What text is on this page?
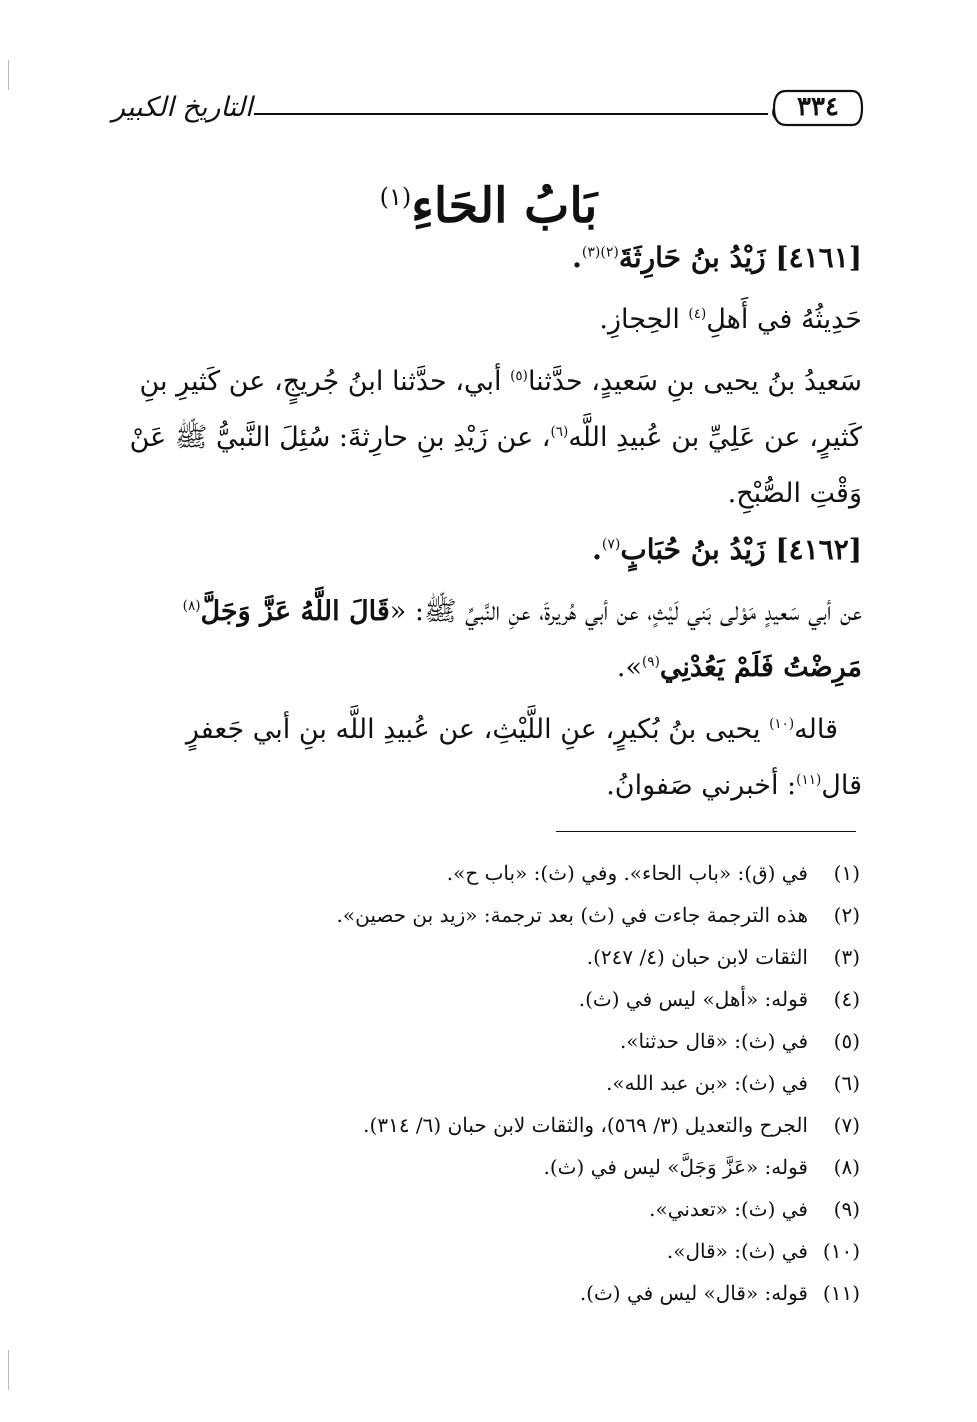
٣٣٤
التاريخ الكبير
بَابُ الحَاءِ$^{(١)}$
[٤١٦١] زَيْدُ بنُ حَارِثَةَ$^{(٢)(٣)}$.

حَدِيثُهُ في أَهلِ$^{(٤)}$ الحِجازِ.

سَعيدُ بنُ يحيى بنِ سَعيدٍ، حدَّثنا$^{(٥)}$ أبي، حدَّثنا ابنُ جُريجٍ، عن كَثيرِ بنِ كَثيرٍ، عن عَلِيِّ بن عُبيدِ اللَّه$^{(٦)}$، عن زَيْدِ بنِ حارِثةَ: سُئِلَ النَّبيُّ ﷺ عَنْ وَقْتِ الصُّبْحِ.

[٤١٦٢] زَيْدُ بنُ حُبَابٍ$^{(٧)}$.

عن أبي سَعيدٍ مَوْلى بَني لَيْثٍ، عن أبي هُريرةَ، عنِ النَّبيِّ ﷺ: «قَالَ اللَّهُ عَزَّ وَجَلَّ$^{(٨)}$ مَرِضْتُ فَلَمْ يَعُدْنِي$^{(٩)}$».

قاله$^{(١٠)}$ يحيى بنُ بُكيرٍ، عنِ اللَّيْثِ، عن عُبيدِ اللَّه بنِ أبي جَعفرٍ قال$^{(١١)}$: أخبرني صَفوانُ.

(١)في (ق): «باب الحاء». وفي (ث): «باب ح».
(٢)هذه الترجمة جاءت في (ث) بعد ترجمة: «زيد بن حصين».
(٣)الثقات لابن حبان (٤/ ٢٤٧).
(٤)قوله: «أهل» ليس في (ث).
(٥)في (ث): «قال حدثنا».
(٦)في (ث): «بن عبد الله».
(٧)الجرح والتعديل (٣/ ٥٦٩)، والثقات لابن حبان (٦/ ٣١٤).
(٨)قوله: «عَزَّ وَجَلَّ» ليس في (ث).
(٩)في (ث): «تعدني».
(١٠)في (ث): «قال».
(١١)قوله: «قال» ليس في (ث).
